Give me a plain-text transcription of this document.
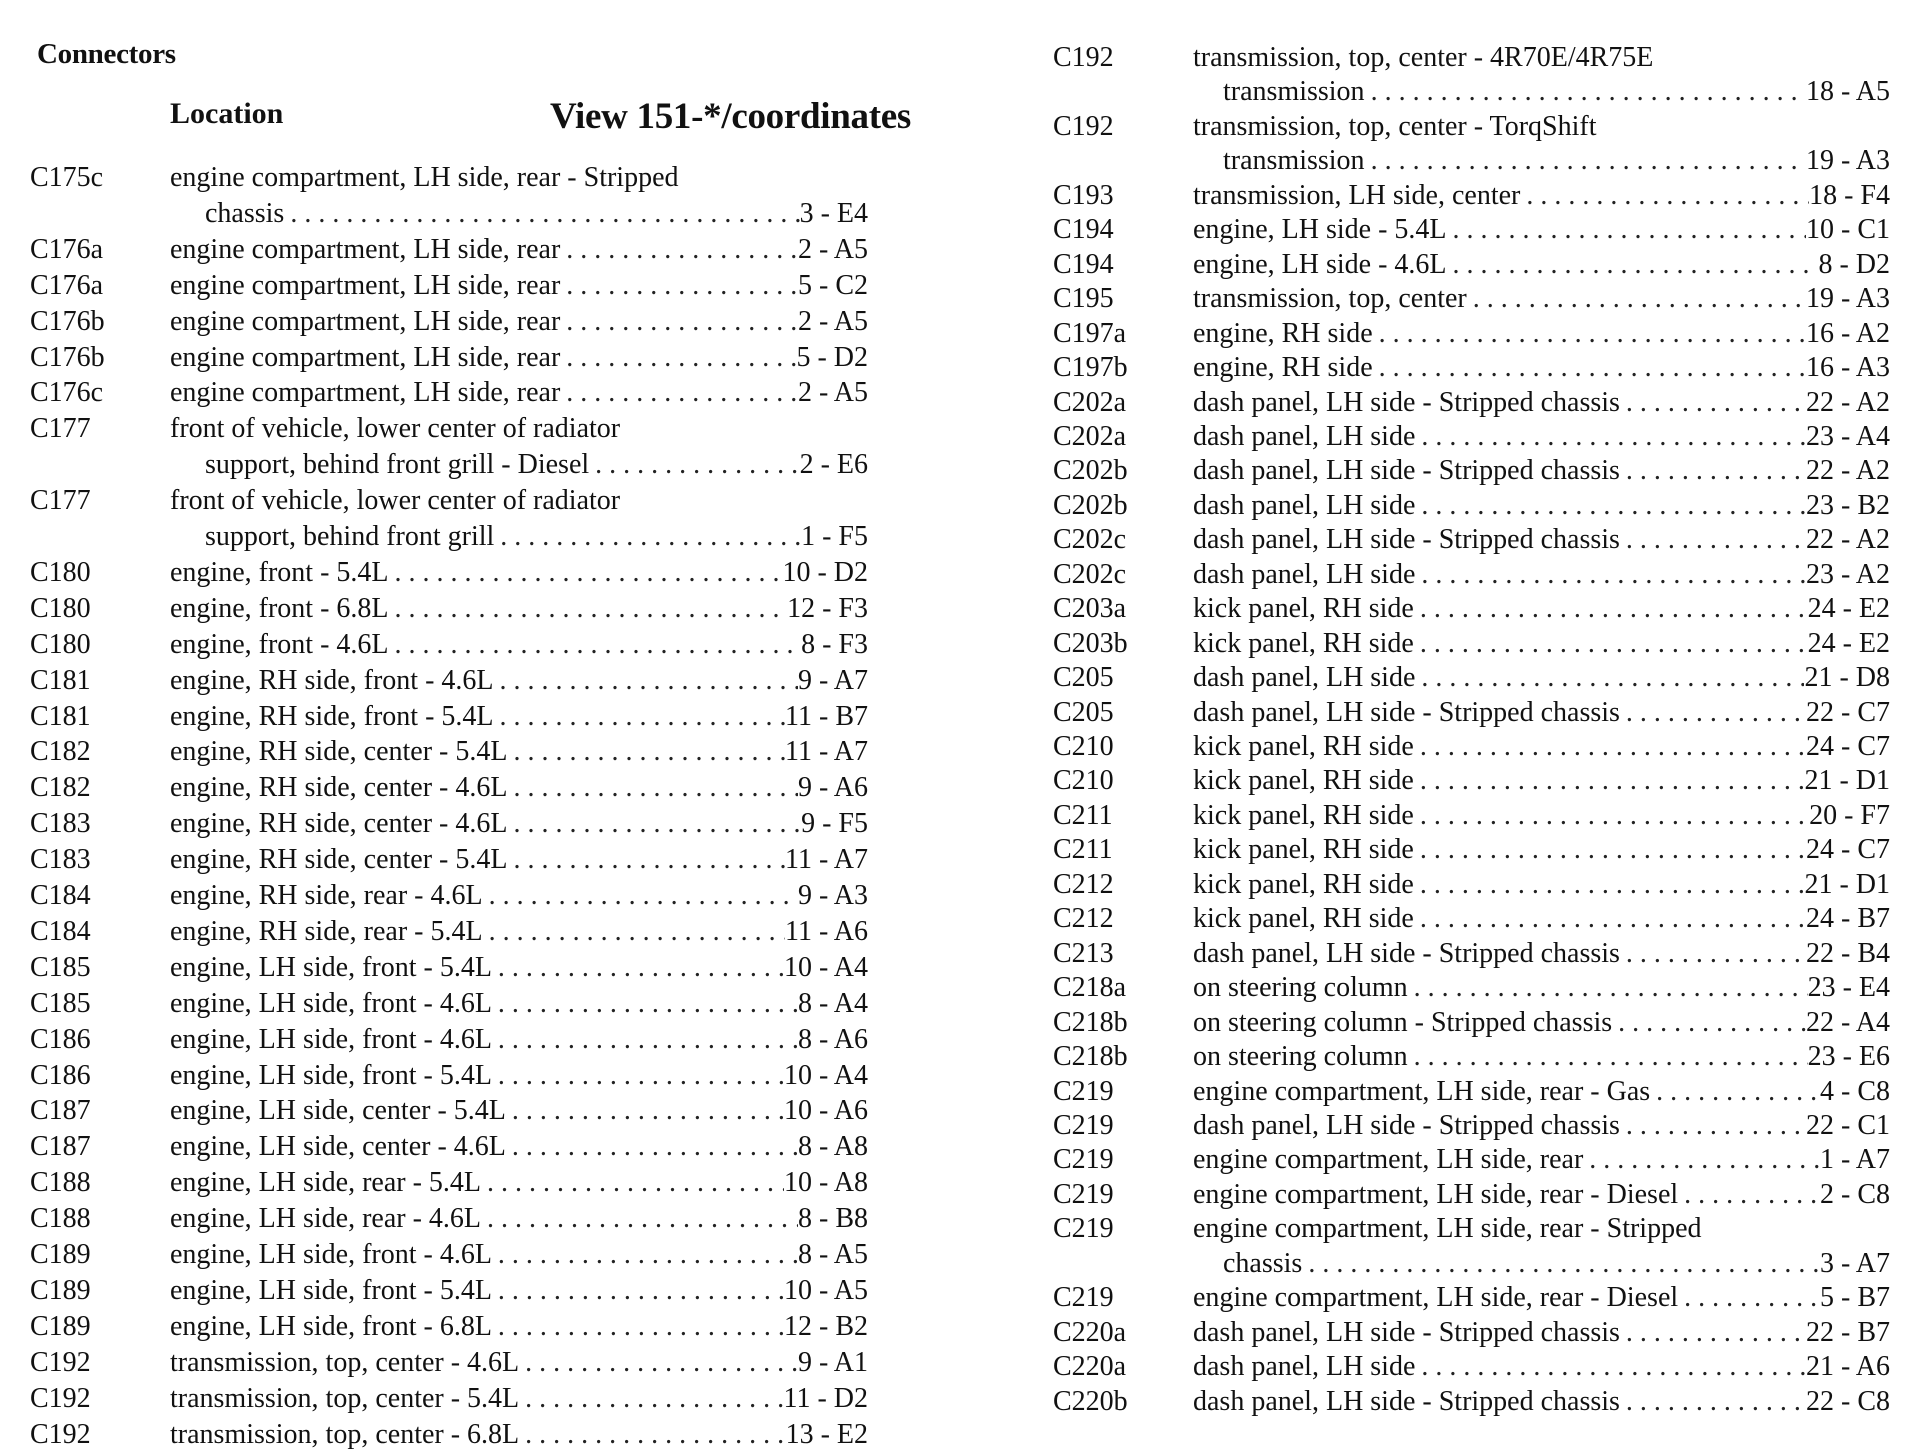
Connectors
Location	View 151-*/coordinates
C175c engine compartment, LH side, rear - Stripped
chassis . . .	3 - E4
C176a engine compartment, LH side, rear . . .	2 - A5
C176a engine compartment, LH side, rear . . .	5 - C2
C176b engine compartment, LH side, rear . . .	2 - A5
C176b engine compartment, LH side, rear . . .	5 - D2
C176c engine compartment, LH side, rear . . .	2 - A5
C177	front of vehicle, lower center of radiator
support, behind front grill - Diesel . . .	2 - E6
C177	front of vehicle, lower center of radiator
support, behind front grill . . .	1 - F5
C180	engine, front - 5.4L . . .	10 - D2
C180	engine, front - 6.8L . . .	12 - F3
C180	engine, front - 4.6L . . .	8 - F3
C181	engine, RH side, front - 4.6L . . .	9 - A7
C181	engine, RH side, front - 5.4L . . .	11 - B7
C182	engine, RH side, center - 5.4L . . .	11 - A7
C182	engine, RH side, center - 4.6L . . .	9 - A6
C183	engine, RH side, center - 4.6L . . .	9 - F5
C183	engine, RH side, center - 5.4L . . .	11 - A7
C184	engine, RH side, rear - 4.6L . . .	9 - A3
C184	engine, RH side, rear - 5.4L . . .	11 - A6
C185	engine, LH side, front - 5.4L . . .	10 - A4
C185	engine, LH side, front - 4.6L . . .	8 - A4
C186	engine, LH side, front - 4.6L . . .	8 - A6
C186	engine, LH side, front - 5.4L . . .	10 - A4
C187	engine, LH side, center - 5.4L . . .	10 - A6
C187	engine, LH side, center - 4.6L . . .	8 - A8
C188	engine, LH side, rear - 5.4L . . .	10 - A8
C188	engine, LH side, rear - 4.6L . . .	8 - B8
C189	engine, LH side, front - 4.6L . . .	8 - A5
C189	engine, LH side, front - 5.4L . . .	10 - A5
C189	engine, LH side, front - 6.8L . . .	12 - B2
C192	transmission, top, center - 4.6L . . .	9 - A1
C192	transmission, top, center - 5.4L . . .	11 - D2
C192	transmission, top, center - 6.8L . . .	13 - E2
C192	transmission, top, center - 4R70E/4R75E
transmission . . .	18 - A5
C192	transmission, top, center - TorqShift
transmission . . .	19 - A3
C193	transmission, LH side, center . . .	18 - F4
C194	engine, LH side - 5.4L . . .	10 - C1
C194	engine, LH side - 4.6L . . .	8 - D2
C195	transmission, top, center . . .	19 - A3
C197a engine, RH side . . .	16 - A2
C197b engine, RH side . . .	16 - A3
C202a dash panel, LH side - Stripped chassis . . .	22 - A2
C202a dash panel, LH side . . .	23 - A4
C202b dash panel, LH side - Stripped chassis . . .	22 - A2
C202b dash panel, LH side . . .	23 - B2
C202c dash panel, LH side - Stripped chassis . . .	22 - A2
C202c dash panel, LH side . . .	23 - A2
C203a kick panel, RH side . . .	24 - E2
C203b kick panel, RH side . . .	24 - E2
C205	dash panel, LH side . . .	21 - D8
C205	dash panel, LH side - Stripped chassis . . .	22 - C7
C210	kick panel, RH side . . .	24 - C7
C210	kick panel, RH side . . .	21 - D1
C211	kick panel, RH side . . .	20 - F7
C211	kick panel, RH side . . .	24 - C7
C212	kick panel, RH side . . .	21 - D1
C212	kick panel, RH side . . .	24 - B7
C213	dash panel, LH side - Stripped chassis . . .	22 - B4
C218a on steering column . . .	23 - E4
C218b on steering column - Stripped chassis . . .	22 - A4
C218b on steering column . . .	23 - E6
C219	engine compartment, LH side, rear - Gas . . .	4 - C8
C219	dash panel, LH side - Stripped chassis . . .	22 - C1
C219	engine compartment, LH side, rear . . .	1 - A7
C219	engine compartment, LH side, rear - Diesel . . .	2 - C8
C219	engine compartment, LH side, rear - Stripped
chassis . . .	3 - A7
C219	engine compartment, LH side, rear - Diesel . . .	5 - B7
C220a dash panel, LH side - Stripped chassis . . .	22 - B7
C220a dash panel, LH side . . .	21 - A6
C220b dash panel, LH side - Stripped chassis . . .	22 - C8
